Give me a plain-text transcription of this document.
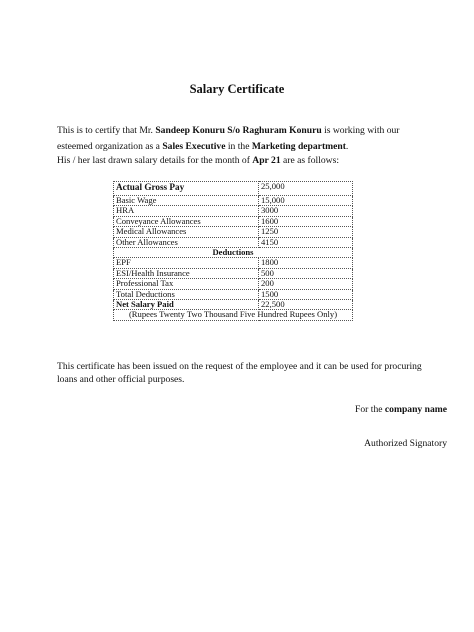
Salary Certificate
This is to certify that Mr. Sandeep Konuru S/o Raghuram Konuru is working with our
esteemed organization as a Sales Executive in the Marketing department.
His / her last drawn salary details for the month of Apr 21 are as follows:
Actual Gross Pay	25,000
Basic Wage	15,000
HRA	3000
Conveyance Allowances	1600
Medical Allowances	1250
Other Allowances	4150
Deductions	
EPF	1800
ESI/Health Insurance	500
Professional Tax	200
Total Deductions	1500
Net Salary Paid	22,500
(Rupees Twenty Two Thousand Five Hundred Rupees Only)	
This certificate has been issued on the request of the employee and it can be used for procuring
loans and other official purposes.
For the company name
Authorized Signatory
